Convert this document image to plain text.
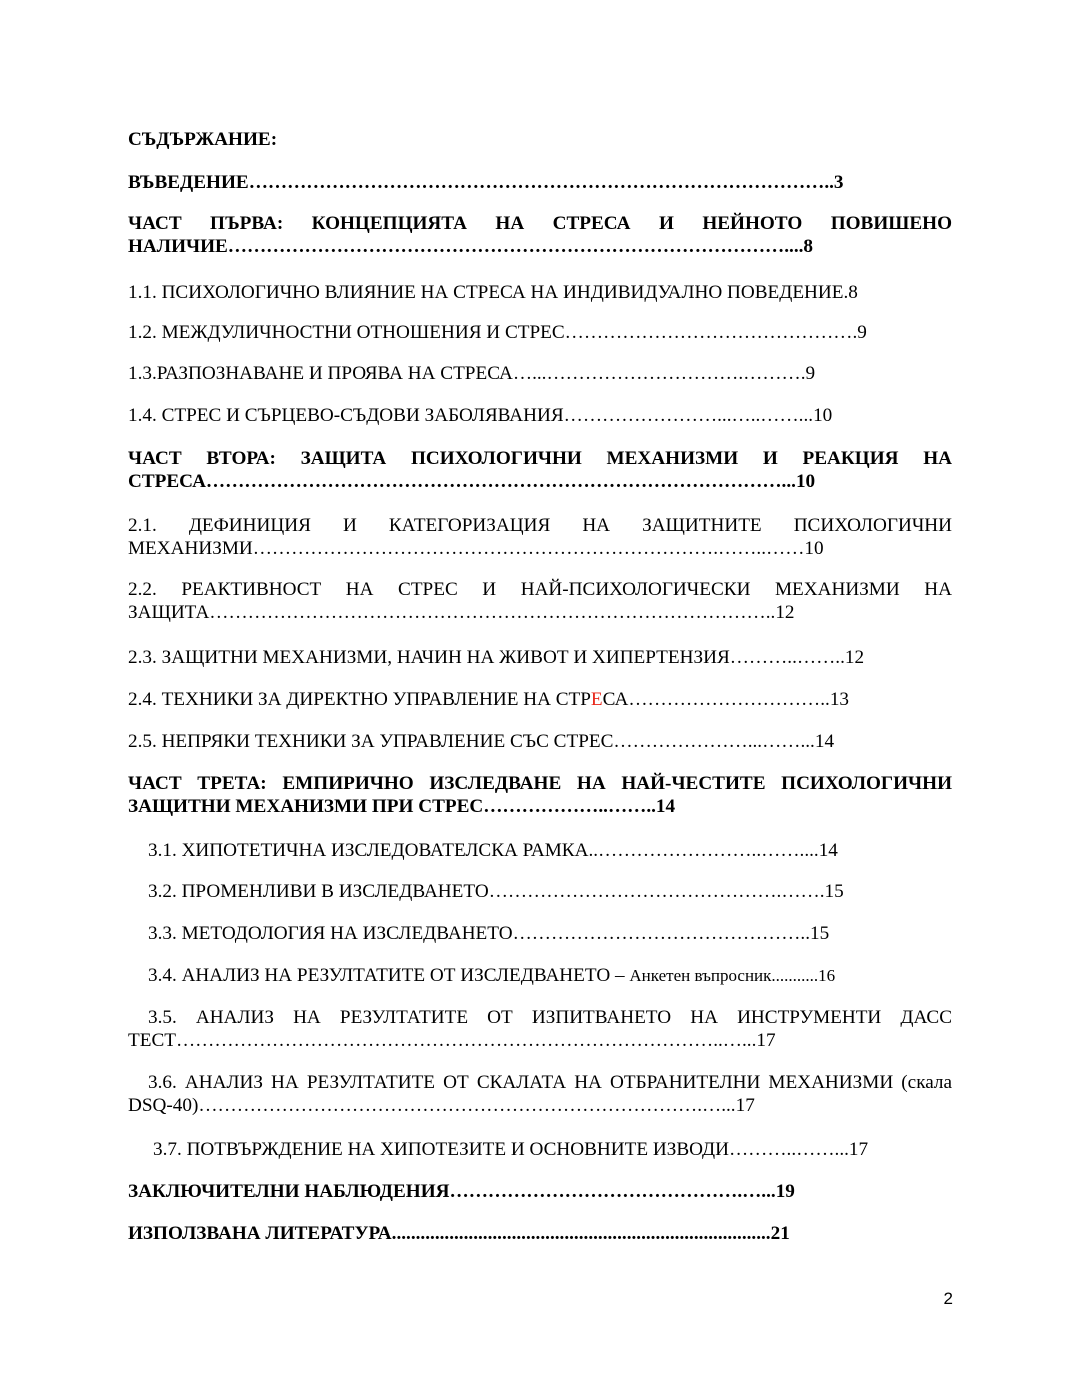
СЪДЪРЖАНИЕ:
ВЪВЕДЕНИЕ………………………………………………………………………………..3
ЧАСТ ПЪРВА: КОНЦЕПЦИЯТА НА СТРЕСА И НЕЙНОТО ПОВИШЕНО НАЛИЧИЕ……………………………………………………………………………....8
1.1. ПСИХОЛОГИЧНО ВЛИЯНИЕ НА СТРЕСА НА ИНДИВИДУАЛНО ПОВЕДЕНИЕ.8
1.2. МЕЖДУЛИЧНОСТНИ ОТНОШЕНИЯ И СТРЕС……………………………………….9
1.3.РАЗПОЗНАВАНЕ И ПРОЯВА НА СТРЕСА…...………………………….……….9
1.4. СТРЕС И СЪРЦЕВО-СЪДОВИ ЗАБОЛЯВАНИЯ……………………...…..……...10
ЧАСТ ВТОРА: ЗАЩИТА ПСИХОЛОГИЧНИ МЕХАНИЗМИ И РЕАКЦИЯ НА СТРЕСА………………………………………………………………………………...10
2.1. ДЕФИНИЦИЯ И КАТЕГОРИЗАЦИЯ НА ЗАЩИТНИТЕ ПСИХОЛОГИЧНИ МЕХАНИЗМИ……………………………………………………………….……..……10
2.2. РЕАКТИВНОСТ НА СТРЕС И НАЙ-ПСИХОЛОГИЧЕСКИ МЕХАНИЗМИ НА ЗАЩИТА……………………………………………………………………………..12
2.3. ЗАЩИТНИ МЕХАНИЗМИ, НАЧИН НА ЖИВОТ И ХИПЕРТЕНЗИЯ………..……..12
2.4. ТЕХНИКИ ЗА ДИРЕКТНО УПРАВЛЕНИЕ НА СТРЕСА…………………………..13
2.5. НЕПРЯКИ ТЕХНИКИ ЗА УПРАВЛЕНИЕ СЪС СТРЕС…………………...……...14
ЧАСТ ТРЕТА: ЕМПИРИЧНО ИЗСЛЕДВАНЕ НА НАЙ-ЧЕСТИТЕ ПСИХОЛОГИЧНИ ЗАЩИТНИ МЕХАНИЗМИ ПРИ СТРЕС………………..……..14
3.1. ХИПОТЕТИЧНА ИЗСЛЕДОВАТЕЛСКА РАМКА..……………………..……....14
3.2. ПРОМЕНЛИВИ В ИЗСЛЕДВАНЕТО……………………………………….…….15
3.3. МЕТОДОЛОГИЯ НА ИЗСЛЕДВАНЕТО………………………………………..15
3.4. АНАЛИЗ НА РЕЗУЛТАТИТЕ ОТ ИЗСЛЕДВАНЕТО – Анкетен въпросник...........16
3.5. АНАЛИЗ НА РЕЗУЛТАТИТЕ ОТ ИЗПИТВАНЕТО НА ИНСТРУМЕНТИ ДАСС ТЕСТ…………………………………………………………………………..…...17
3.6. АНАЛИЗ НА РЕЗУЛТАТИТЕ ОТ СКАЛАТА НА ОТБРАНИТЕЛНИ МЕХАНИЗМИ (скала DSQ-40)…………………………………………………………………….…...17
3.7. ПОТВЪРЖДЕНИЕ НА ХИПОТЕЗИТЕ И ОСНОВНИТЕ ИЗВОДИ………..……...17
ЗАКЛЮЧИТЕЛНИ НАБЛЮДЕНИЯ……………………………………….…...19
ИЗПОЛЗВАНА ЛИТЕРАТУРА...............................................................................21
2
